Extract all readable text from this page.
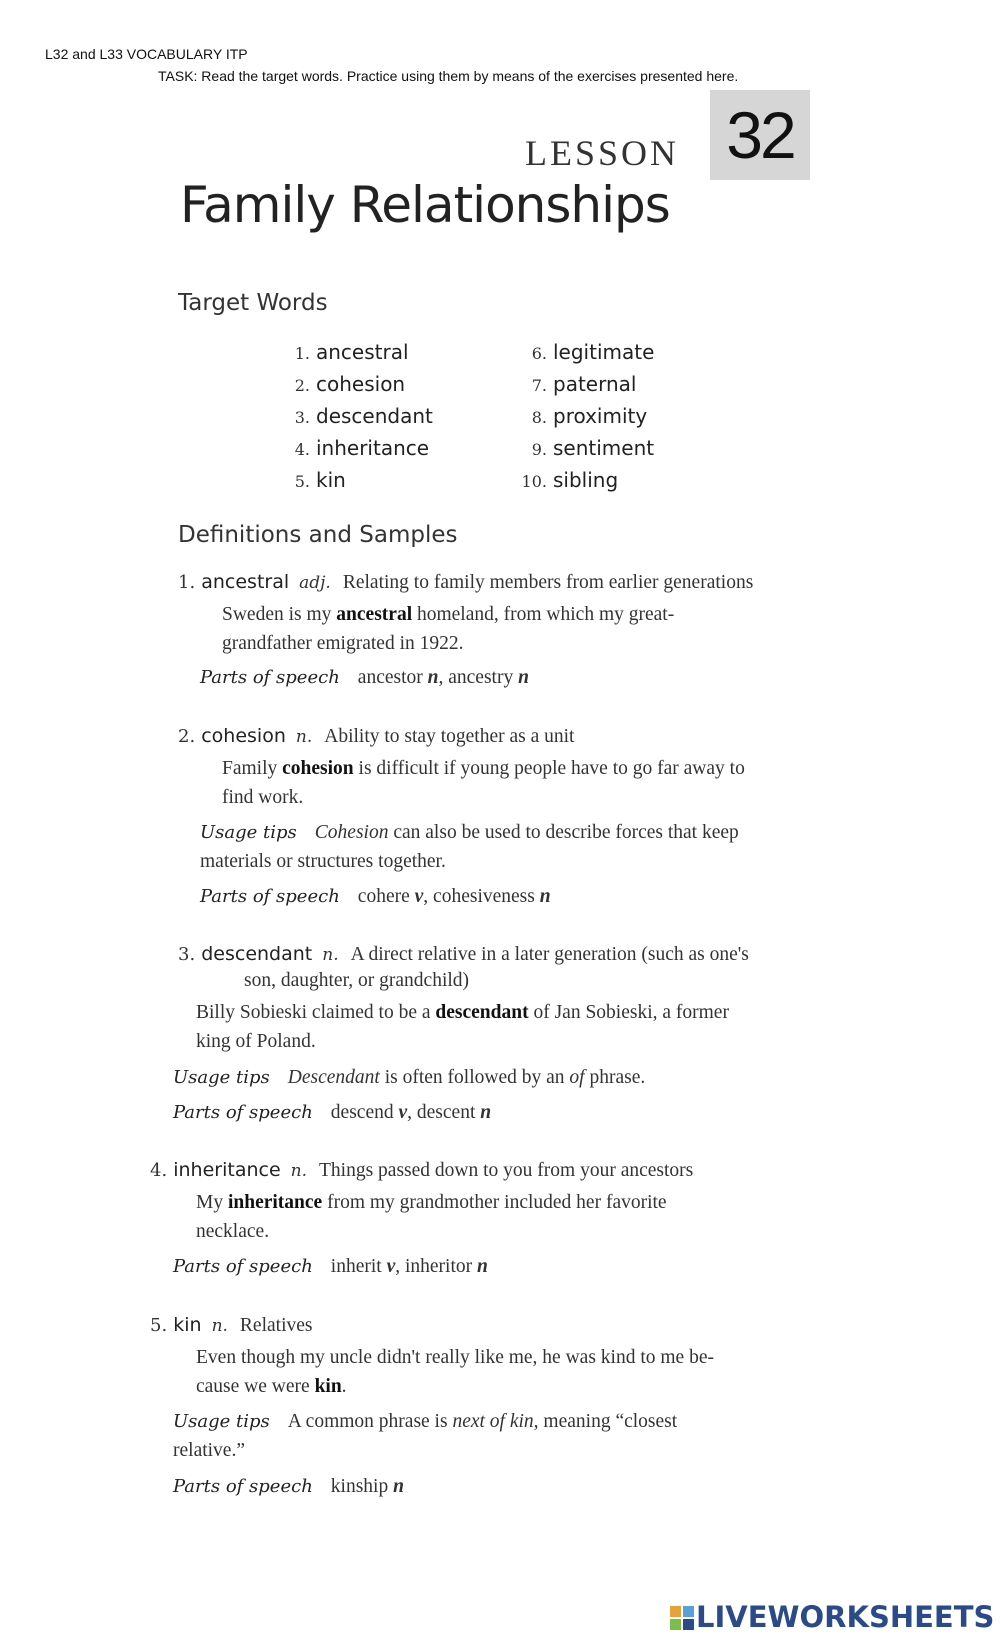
L32 and L33 VOCABULARY ITP
TASK: Read the target words. Practice using them by means of the exercises presented here.
LESSON 32
Family Relationships
Target Words
1. ancestral
2. cohesion
3. descendant
4. inheritance
5. kin
6. legitimate
7. paternal
8. proximity
9. sentiment
10. sibling
Definitions and Samples
1. ancestral adj. Relating to family members from earlier generations
Sweden is my ancestral homeland, from which my great-
grandfather emigrated in 1922.
Parts of speech ancestor n, ancestry n
2. cohesion n. Ability to stay together as a unit
Family cohesion is difficult if young people have to go far away to
find work.
Usage tips Cohesion can also be used to describe forces that keep
materials or structures together.
Parts of speech cohere v, cohesiveness n
3. descendant n. A direct relative in a later generation (such as one's
son, daughter, or grandchild)
Billy Sobieski claimed to be a descendant of Jan Sobieski, a former
king of Poland.
Usage tips Descendant is often followed by an of phrase.
Parts of speech descend v, descent n
4. inheritance n. Things passed down to you from your ancestors
My inheritance from my grandmother included her favorite
necklace.
Parts of speech inherit v, inheritor n
5. kin n. Relatives
Even though my uncle didn't really like me, he was kind to me be-
cause we were kin.
Usage tips A common phrase is next of kin, meaning “closest
relative.”
Parts of speech kinship n
LIVEWORKSHEETS
